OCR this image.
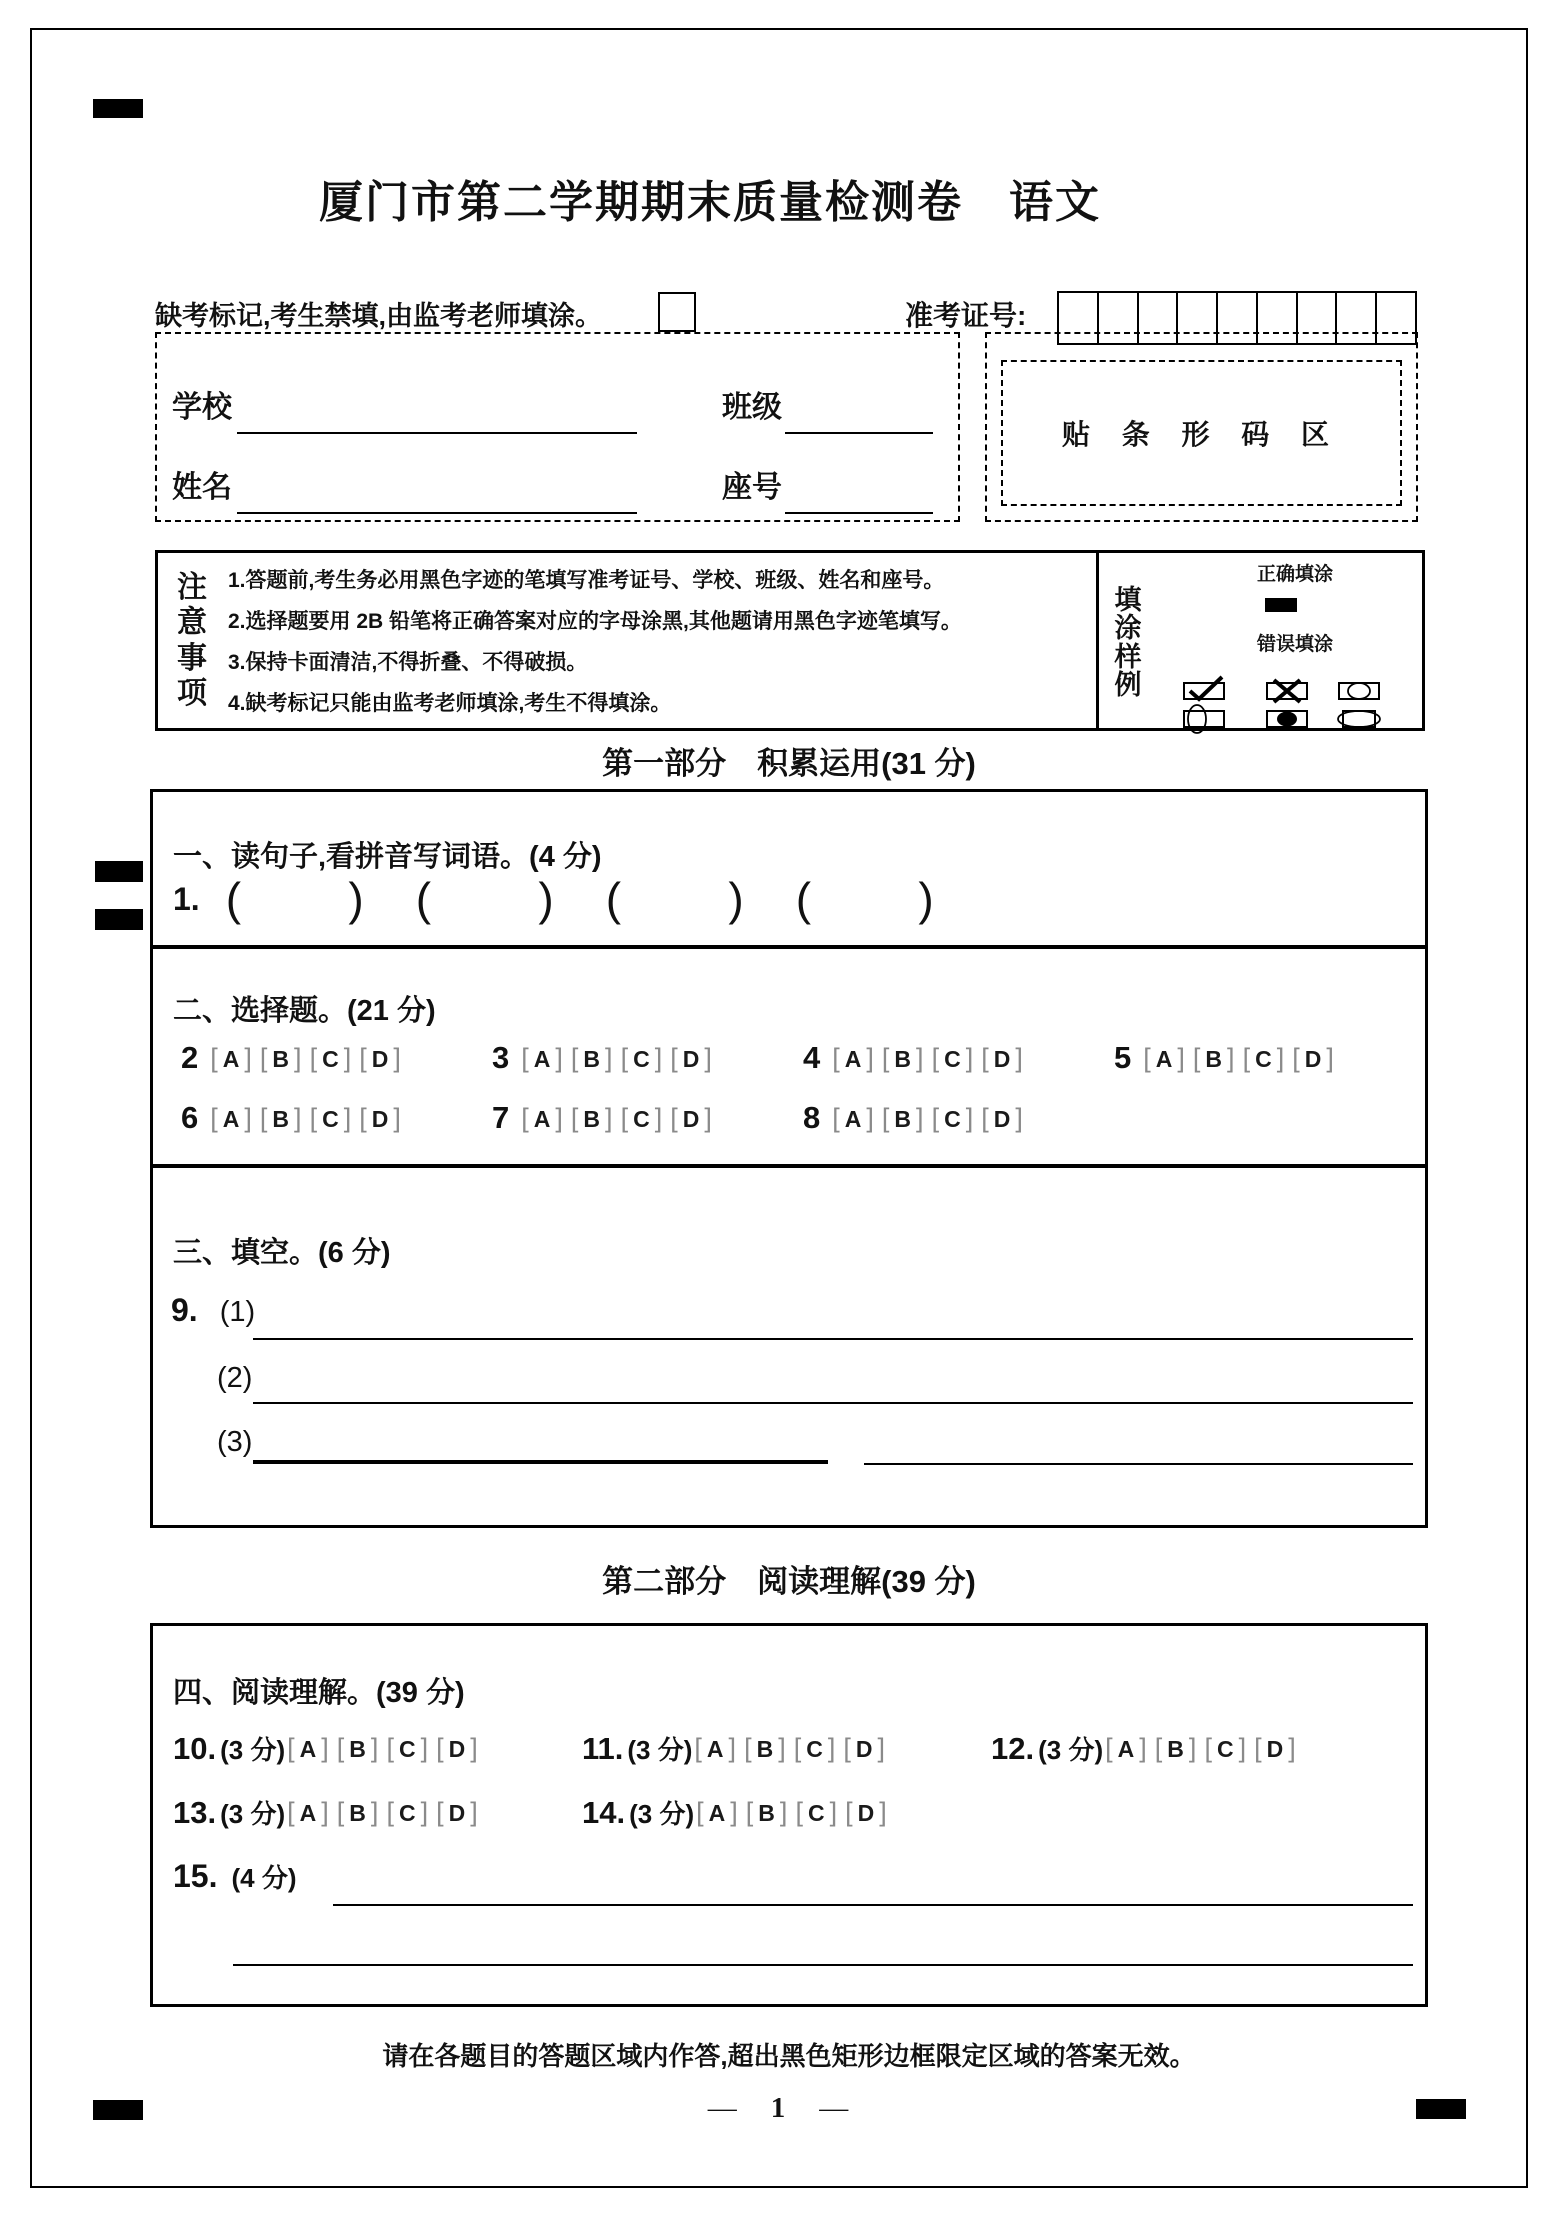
厦门市第二学期期末质量检测卷　语文
缺考标记,考生禁填,由监考老师填涂。	准考证号:
学校	班级
姓名	座号
贴 条 形 码 区
注
意
事
项
1.答题前,考生务必用黑色字迹的笔填写准考证号、学校、班级、姓名和座号。
2.选择题要用 2B 铅笔将正确答案对应的字母涂黑,其他题请用黑色字迹笔填写。
3.保持卡面清洁,不得折叠、不得破损。
4.缺考标记只能由监考老师填涂,考生不得填涂。
填
涂
样
例
正确填涂
错误填涂
第一部分　积累运用(31 分)
一、读句子,看拼音写词语。(4 分)
1. ( ) ( ) ( ) ( )
二、选择题。(21 分)
2 [ A ] [ B ] [ C ] [ D ]	3 [ A ] [ B ] [ C ] [ D ]	4 [ A ] [ B ] [ C ] [ D ]	5 [ A ] [ B ] [ C ] [ D ]
6 [ A ] [ B ] [ C ] [ D ]	7 [ A ] [ B ] [ C ] [ D ]	8 [ A ] [ B ] [ C ] [ D ]
三、填空。(6 分)
9. (1)
(2)
(3)
第二部分　阅读理解(39 分)
四、阅读理解。(39 分)
10. (3 分) [ A ] [ B ] [ C ] [ D ]	11. (3 分) [ A ] [ B ] [ C ] [ D ]	12. (3 分) [ A ] [ B ] [ C ] [ D ]
13. (3 分) [ A ] [ B ] [ C ] [ D ]	14. (3 分) [ A ] [ B ] [ C ] [ D ]
15. (4 分)
请在各题目的答题区域内作答,超出黑色矩形边框限定区域的答案无效。
— 1 —
